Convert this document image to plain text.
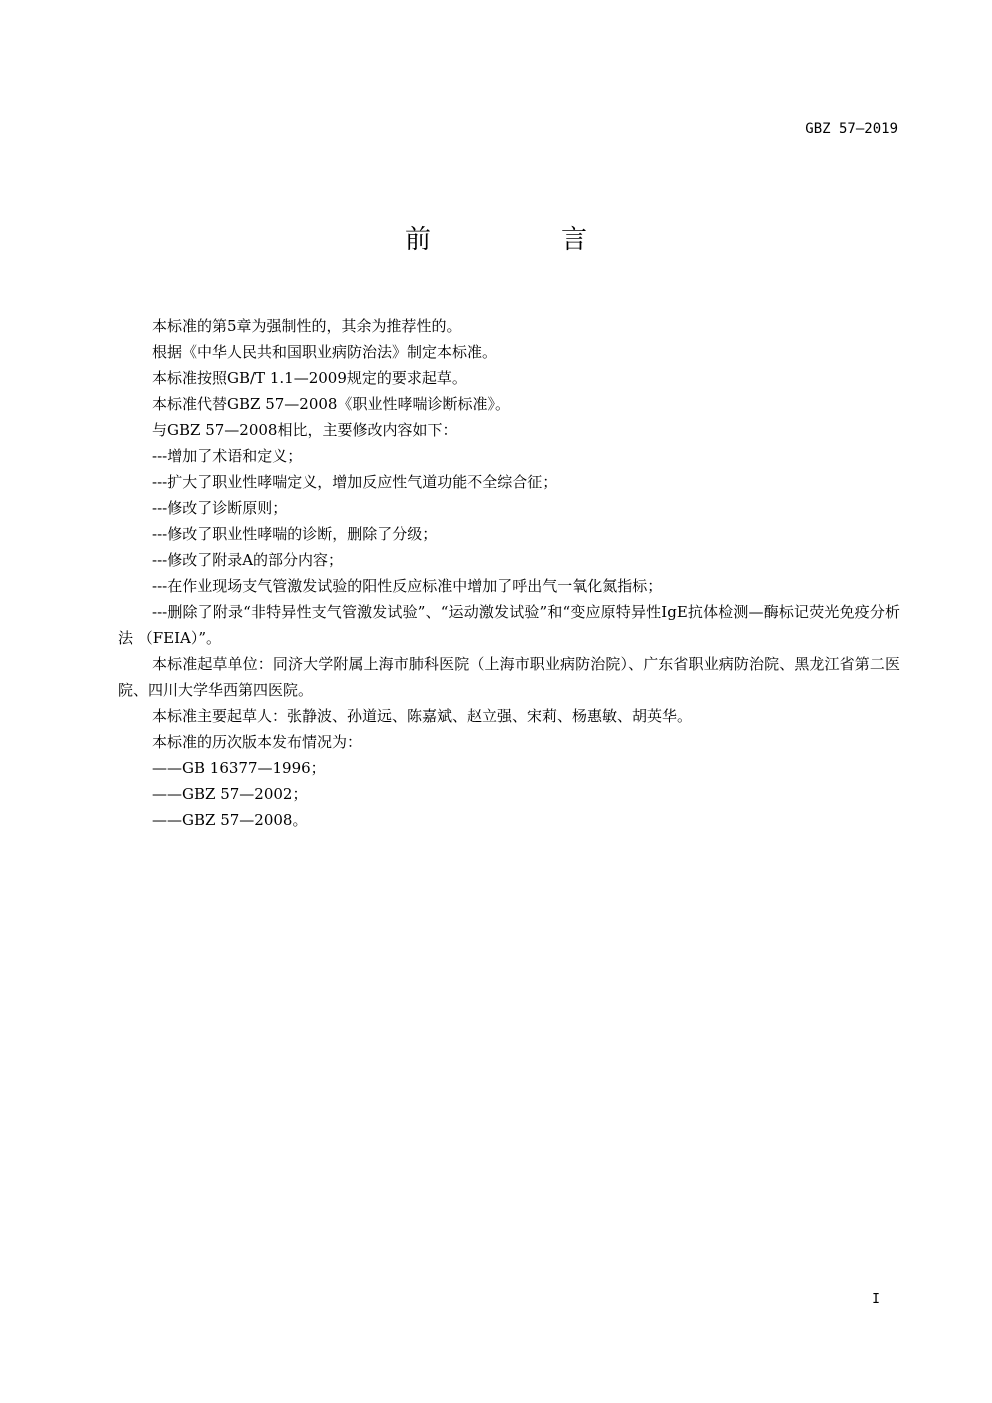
GBZ 57—2019
前　言

本标准的第5章为强制性的，其余为推荐性的。

根据《中华人民共和国职业病防治法》制定本标准。

本标准按照GB/T 1.1—2009规定的要求起草。

本标准代替GBZ 57—2008《职业性哮喘诊断标准》。

与GBZ 57—2008相比，主要修改内容如下：

---增加了术语和定义；

---扩大了职业性哮喘定义，增加反应性气道功能不全综合征；

---修改了诊断原则；

---修改了职业性哮喘的诊断，删除了分级；

---修改了附录A的部分内容；

---在作业现场支气管激发试验的阳性反应标准中增加了呼出气一氧化氮指标；

---删除了附录“非特异性支气管激发试验”、“运动激发试验”和“变应原特异性IgE抗体检测—酶标记荧光免疫分析法 （FEIA）”。

本标准起草单位：同济大学附属上海市肺科医院（上海市职业病防治院）、广东省职业病防治院、黑龙江省第二医院、四川大学华西第四医院。

本标准主要起草人：张静波、孙道远、陈嘉斌、赵立强、宋莉、杨惠敏、胡英华。

本标准的历次版本发布情况为：

——GB 16377—1996；

——GBZ 57—2002；

——GBZ 57—2008。

I
